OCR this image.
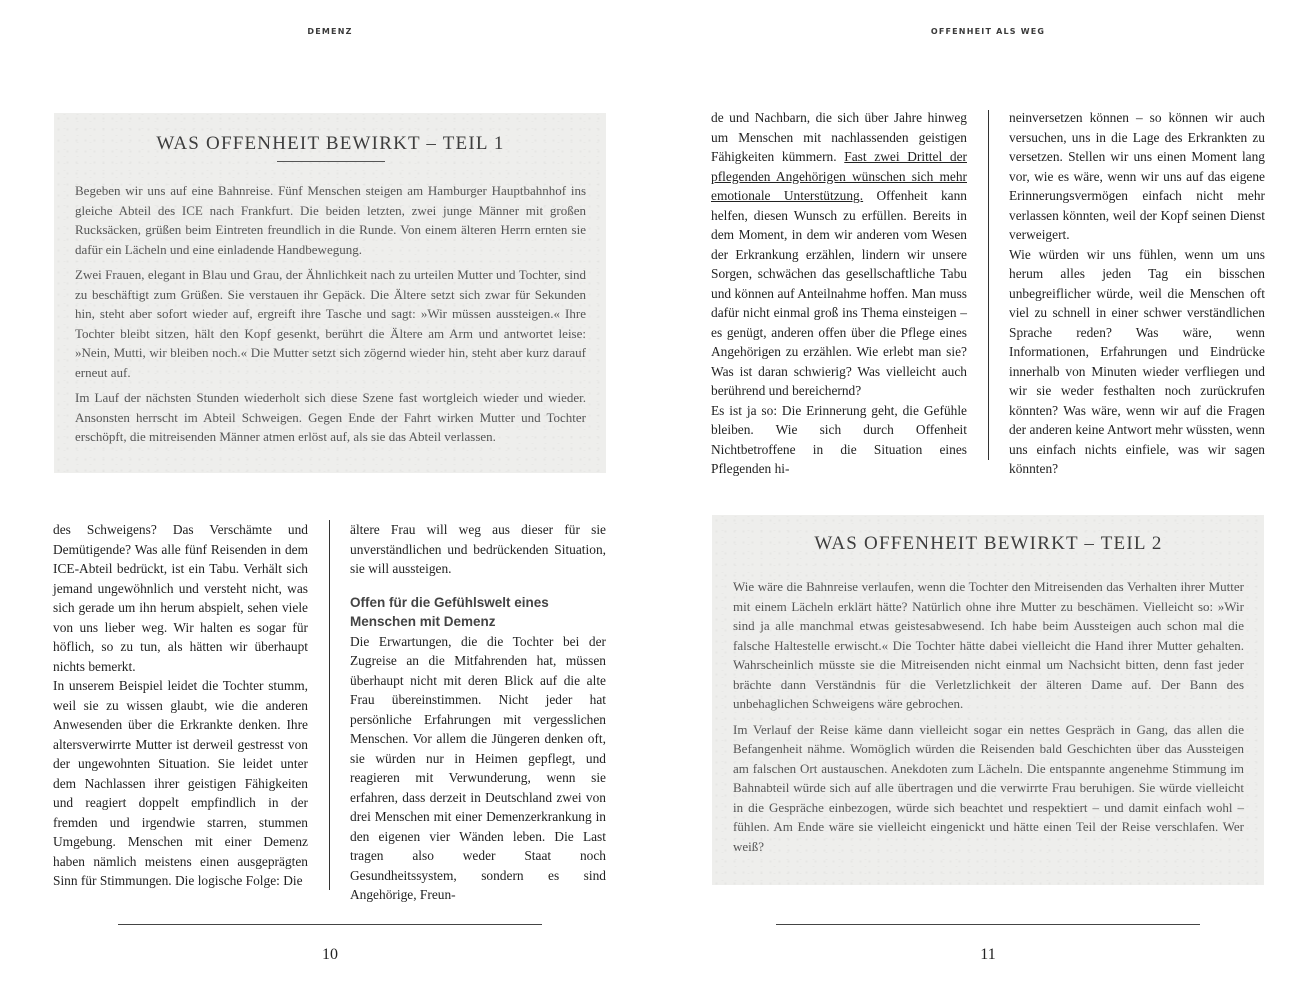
DEMENZ
WAS OFFENHEIT BEWIRKT – TEIL 1

Begeben wir uns auf eine Bahnreise. Fünf Menschen steigen am Hamburger Hauptbahnhof ins gleiche Abteil des ICE nach Frankfurt. Die beiden letzten, zwei junge Männer mit großen Rucksäcken, grüßen beim Eintreten freundlich in die Runde. Von einem älteren Herrn ernten sie dafür ein Lächeln und eine einladende Handbewegung.

Zwei Frauen, elegant in Blau und Grau, der Ähnlichkeit nach zu urteilen Mutter und Tochter, sind zu beschäftigt zum Grüßen. Sie verstauen ihr Gepäck. Die Ältere setzt sich zwar für Sekunden hin, steht aber sofort wieder auf, ergreift ihre Tasche und sagt: »Wir müssen aussteigen.« Ihre Tochter bleibt sitzen, hält den Kopf gesenkt, berührt die Ältere am Arm und antwortet leise: »Nein, Mutti, wir bleiben noch.« Die Mutter setzt sich zögernd wieder hin, steht aber kurz darauf erneut auf.

Im Lauf der nächsten Stunden wiederholt sich diese Szene fast wortgleich wieder und wieder. Ansonsten herrscht im Abteil Schweigen. Gegen Ende der Fahrt wirken Mutter und Tochter erschöpft, die mitreisenden Männer atmen erlöst auf, als sie das Abteil verlassen.

des Schweigens? Das Verschämte und Demütigende? Was alle fünf Reisenden in dem ICE-Abteil bedrückt, ist ein Tabu. Verhält sich jemand ungewöhnlich und versteht nicht, was sich gerade um ihn herum abspielt, sehen viele von uns lieber weg. Wir halten es sogar für höflich, so zu tun, als hätten wir überhaupt nichts bemerkt.

In unserem Beispiel leidet die Tochter stumm, weil sie zu wissen glaubt, wie die anderen Anwesenden über die Erkrankte denken. Ihre altersverwirrte Mutter ist derweil gestresst von der ungewohnten Situation. Sie leidet unter dem Nachlassen ihrer geistigen Fähigkeiten und reagiert doppelt empfindlich in der fremden und irgendwie starren, stummen Umgebung. Menschen mit einer Demenz haben nämlich meistens einen ausgeprägten Sinn für Stimmungen. Die logische Folge: Die

ältere Frau will weg aus dieser für sie unverständlichen und bedrückenden Situation, sie will aussteigen.

Offen für die Gefühlswelt eines
Menschen mit Demenz

Die Erwartungen, die die Tochter bei der Zugreise an die Mitfahrenden hat, müssen überhaupt nicht mit deren Blick auf die alte Frau übereinstimmen. Nicht jeder hat persönliche Erfahrungen mit vergesslichen Menschen. Vor allem die Jüngeren denken oft, sie würden nur in Heimen gepflegt, und reagieren mit Verwunderung, wenn sie erfahren, dass derzeit in Deutschland zwei von drei Menschen mit einer Demenzerkrankung in den eigenen vier Wänden leben. Die Last tragen also weder Staat noch Gesundheitssystem, sondern es sind Angehörige, Freun-

10
OFFENHEIT ALS WEG

de und Nachbarn, die sich über Jahre hinweg um Menschen mit nachlassenden geistigen Fähigkeiten kümmern. Fast zwei Drittel der pflegenden Angehörigen wünschen sich mehr emotionale Unterstützung. Offenheit kann helfen, diesen Wunsch zu erfüllen. Bereits in dem Moment, in dem wir anderen vom Wesen der Erkrankung erzählen, lindern wir unsere Sorgen, schwächen das gesellschaftliche Tabu und können auf Anteilnahme hoffen. Man muss dafür nicht einmal groß ins Thema einsteigen – es genügt, anderen offen über die Pflege eines Angehörigen zu erzählen. Wie erlebt man sie? Was ist daran schwierig? Was vielleicht auch berührend und bereichernd?

Es ist ja so: Die Erinnerung geht, die Gefühle bleiben. Wie sich durch Offenheit Nichtbetroffene in die Situation eines Pflegenden hi-

neinversetzen können – so können wir auch versuchen, uns in die Lage des Erkrankten zu versetzen. Stellen wir uns einen Moment lang vor, wie es wäre, wenn wir uns auf das eigene Erinnerungsvermögen einfach nicht mehr verlassen könnten, weil der Kopf seinen Dienst verweigert.

Wie würden wir uns fühlen, wenn um uns herum alles jeden Tag ein bisschen unbegreiflicher würde, weil die Menschen oft viel zu schnell in einer schwer verständlichen Sprache reden? Was wäre, wenn Informationen, Erfahrungen und Eindrücke innerhalb von Minuten wieder verfliegen und wir sie weder festhalten noch zurückrufen könnten? Was wäre, wenn wir auf die Fragen der anderen keine Antwort mehr wüssten, wenn uns einfach nichts einfiele, was wir sagen könnten?

WAS OFFENHEIT BEWIRKT – TEIL 2

Wie wäre die Bahnreise verlaufen, wenn die Tochter den Mitreisenden das Verhalten ihrer Mutter mit einem Lächeln erklärt hätte? Natürlich ohne ihre Mutter zu beschämen. Vielleicht so: »Wir sind ja alle manchmal etwas geistesabwesend. Ich habe beim Aussteigen auch schon mal die falsche Haltestelle erwischt.« Die Tochter hätte dabei vielleicht die Hand ihrer Mutter gehalten. Wahrscheinlich müsste sie die Mitreisenden nicht einmal um Nachsicht bitten, denn fast jeder brächte dann Verständnis für die Verletzlichkeit der älteren Dame auf. Der Bann des unbehaglichen Schweigens wäre gebrochen.

Im Verlauf der Reise käme dann vielleicht sogar ein nettes Gespräch in Gang, das allen die Befangenheit nähme. Womöglich würden die Reisenden bald Geschichten über das Aussteigen am falschen Ort austauschen. Anekdoten zum Lächeln. Die entspannte angenehme Stimmung im Bahnabteil würde sich auf alle übertragen und die verwirrte Frau beruhigen. Sie würde vielleicht in die Gespräche einbezogen, würde sich beachtet und respektiert – und damit einfach wohl – fühlen. Am Ende wäre sie vielleicht eingenickt und hätte einen Teil der Reise verschlafen. Wer weiß?

11
